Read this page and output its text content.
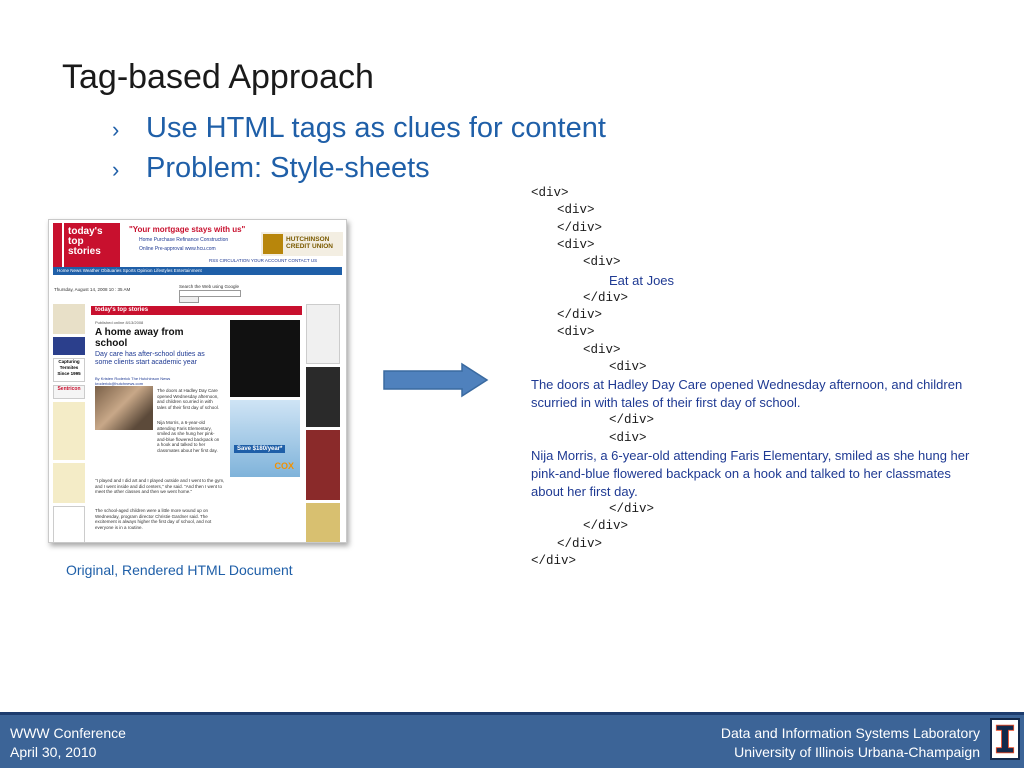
Tag-based Approach
› Use HTML tags as clues for content
› Problem: Style-sheets
today's
top stories
"Your mortgage stays with us"
Home Purchase Refinance Construction
Online Pre-approval www.hcu.com
HUTCHINSON
CREDIT UNION
RSS CIRCULATION YOUR ACCOUNT CONTACT US
Home News Weather Obituaries Sports Opinion Lifestyles Entertainment
Thursday, August 14, 2008 10 : 35 AM
Search the Web using Google
Capturing Termites Since 1995
Sentricon
today's top stories
Published online 8/13/2008
A home away from school
Day care has after-school duties as some clients start academic year
By Kristen Roderick The Hutchinson News
kroderick@hutchnews.com
The doors at Hadley Day Care opened Wednesday afternoon, and children scurried in with tales of their first day of school.
Nija Morris, a 6-year-old attending Faris Elementary, smiled as she hung her pink-and-blue flowered backpack on a hook and talked to her classmates about her first day.
"I played and I did art and I played outside and I went to the gym, and I went inside and did centers," she said. "And then I went to meet the other classes and then we went home."
The school-aged children were a little more wound up on Wednesday, program director Christie Gardner said. The excitement is always higher the first day of school, and not everyone is in a routine.
Save $180/year*
COX
Original, Rendered HTML Document

<div>

<div>

</div>

<div>

<div>

Eat at Joes

</div>

</div>

<div>

<div>

<div>

The doors at Hadley Day Care opened Wednesday afternoon, and children scurried in with tales of their first day of school.

</div>

<div>

Nija Morris, a 6-year-old attending Faris Elementary, smiled as she hung her pink-and-blue flowered backpack on a hook and talked to her classmates about her first day.

</div>

</div>

</div>

</div>

WWW Conference
April 30, 2010
Data and Information Systems Laboratory
University of Illinois Urbana-Champaign
